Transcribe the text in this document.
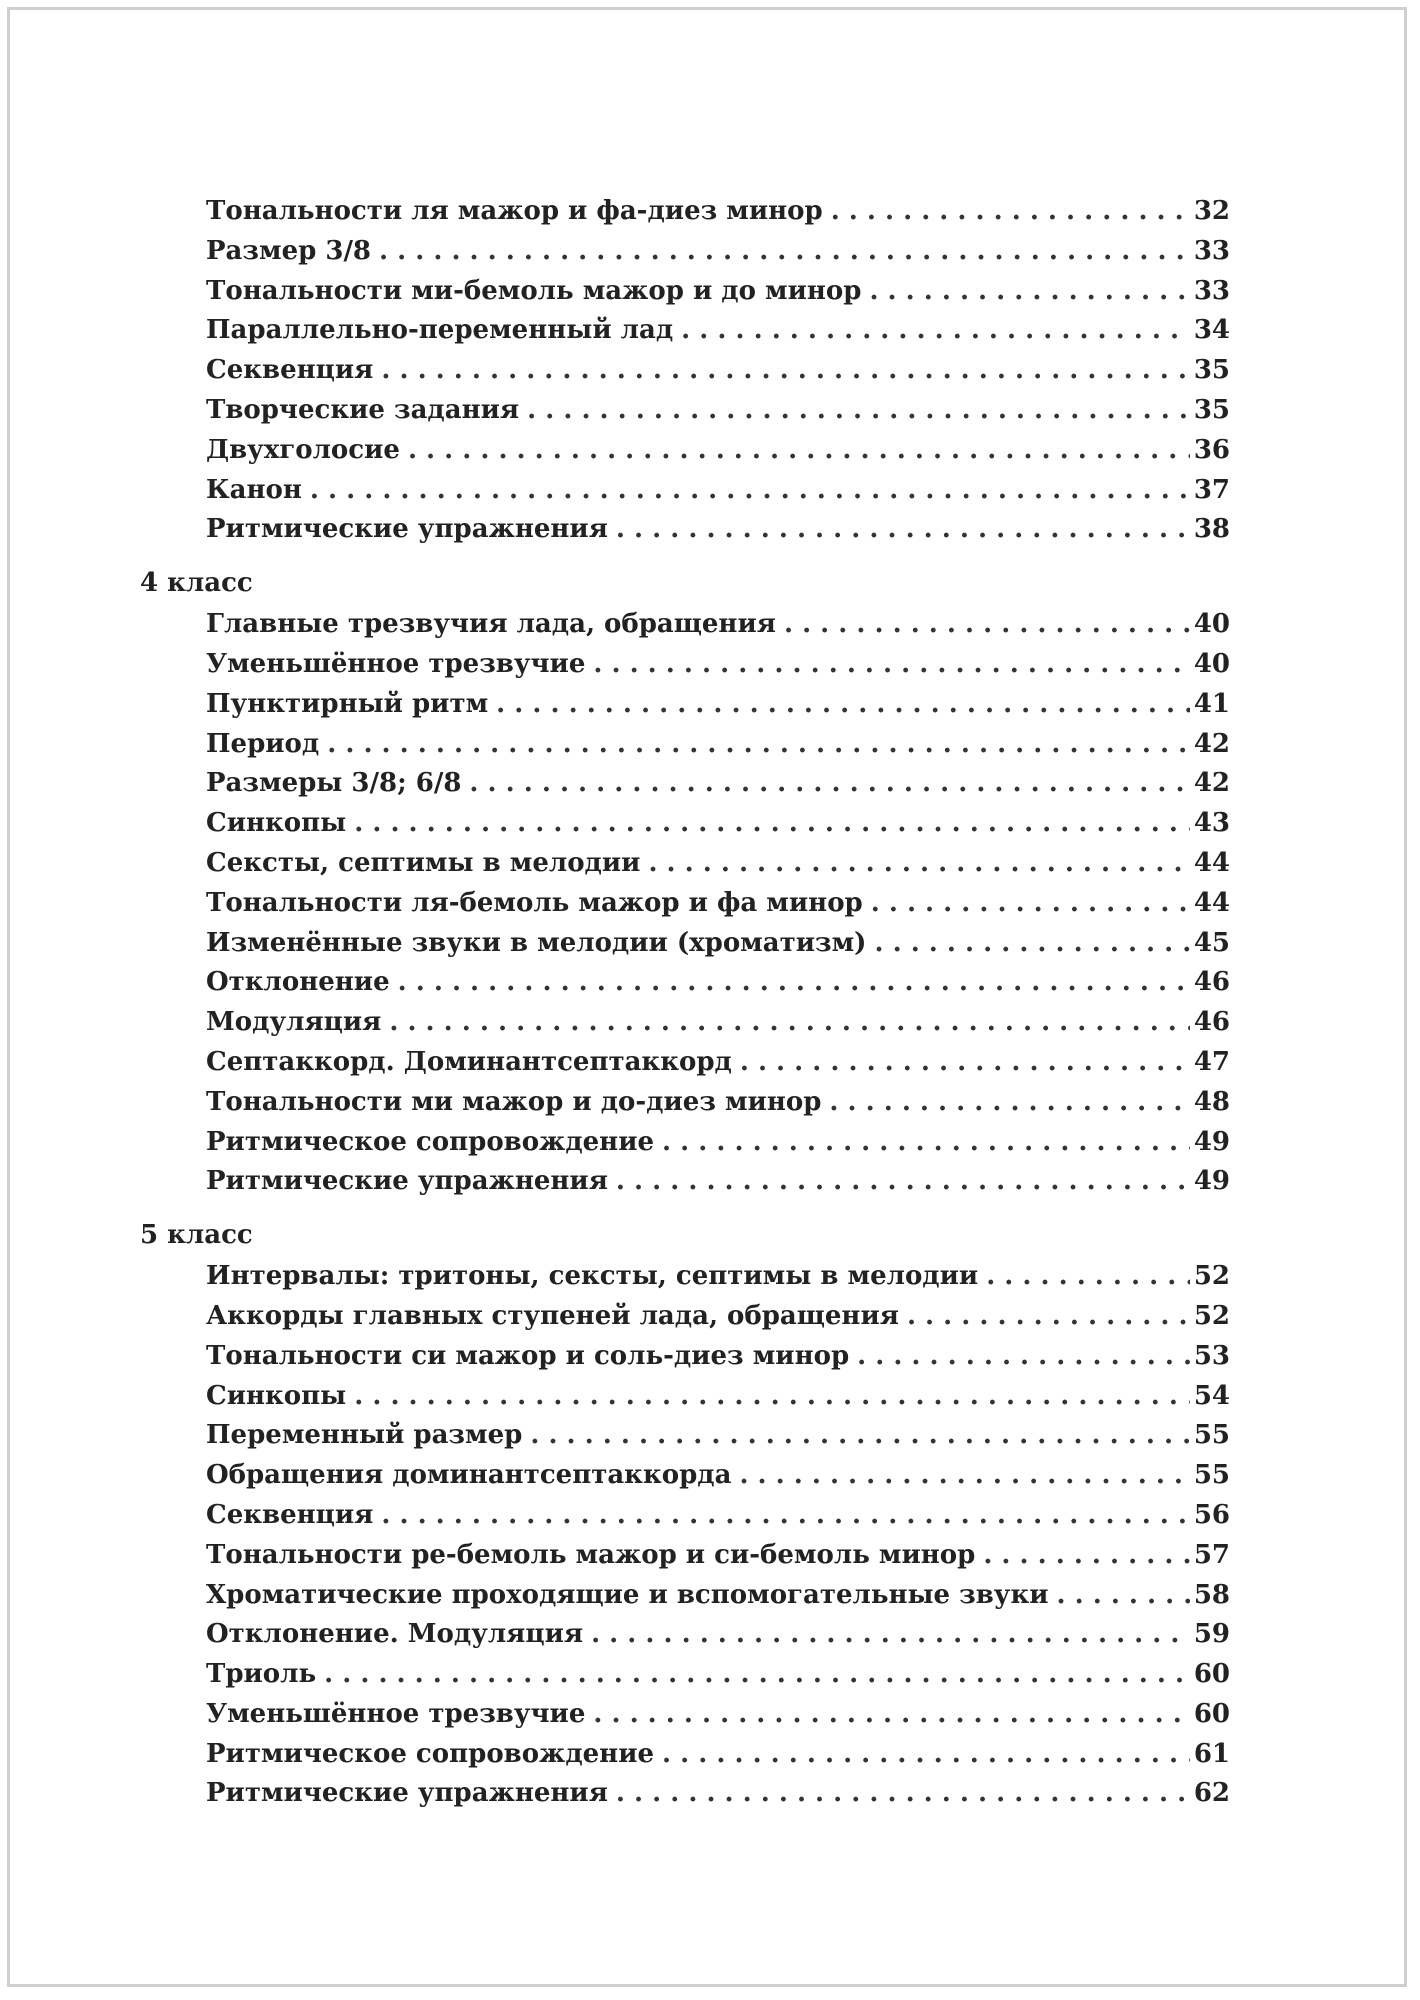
Тональности ля мажор и фа-диез минор . . .	32
Размер 3/8 . . .	33
Тональности ми-бемоль мажор и до минор . . .	33
Параллельно-переменный лад . . .	34
Секвенция . . .	35
Творческие задания . . .	35
Двухголосие . . .	36
Канон . . .	37
Ритмические упражнения . . .	38
4 класс
Главные трезвучия лада, обращения . . .	40
Уменьшённое трезвучие . . .	40
Пунктирный ритм . . .	41
Период . . .	42
Размеры 3/8; 6/8 . . .	42
Синкопы . . .	43
Сексты, септимы в мелодии . . .	44
Тональности ля-бемоль мажор и фа минор . . .	44
Изменённые звуки в мелодии (хроматизм) . . .	45
Отклонение . . .	46
Модуляция . . .	46
Септаккорд. Доминантсептаккорд . . .	47
Тональности ми мажор и до-диез минор . . .	48
Ритмическое сопровождение . . .	49
Ритмические упражнения . . .	49
5 класс
Интервалы: тритоны, сексты, септимы в мелодии . . .	52
Аккорды главных ступеней лада, обращения . . .	52
Тональности си мажор и соль-диез минор . . .	53
Синкопы . . .	54
Переменный размер . . .	55
Обращения доминантсептаккорда . . .	55
Секвенция . . .	56
Тональности ре-бемоль мажор и си-бемоль минор . . .	57
Хроматические проходящие и вспомогательные звуки . . .	58
Отклонение. Модуляция . . .	59
Триоль . . .	60
Уменьшённое трезвучие . . .	60
Ритмическое сопровождение . . .	61
Ритмические упражнения . . .	62
